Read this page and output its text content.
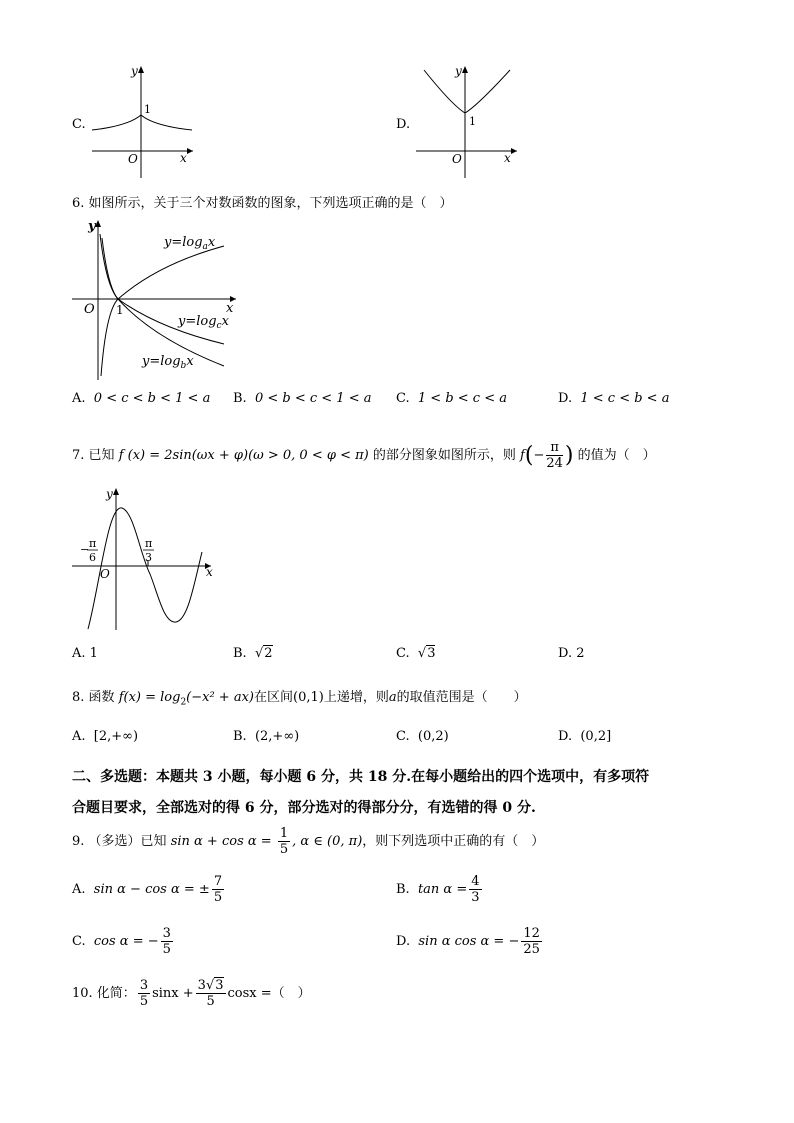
C.
y
x
O
1
D.
y
x
O
1
6. 如图所示，关于三个对数函数的图象，下列选项正确的是（　）
y
x
O 1
$y=\log_ax$
$y=\log_cx$
$y=\log_bx$
A. 0 < c < b < 1 < a B. 0 < b < c < 1 < a C. 1 < b < c < a	D. 1 < c < b < a
7. 已知 f (x) = 2sin(ωx + φ)(ω > 0, 0 < φ < π) 的部分图象如图所示，则 $f(- \frac{\pi}{24}$ ) 的值为（　）
y
x
O
− π
6
π
3
A. 1	B.  √2	C.  √3	D. 2
8. 函数 $f(x) = \log_2(-x^2 + ax)$在区间(0,1)上递增，则a的取值范围是（　　）
A. [2,+∞)	B. (2,+∞)	C. (0,2)	D. (0,2]
二、多选题：本题共 3 小题，每小题 6 分，共 18 分.在每小题给出的四个选项中，有多项符
合题目要求，全部选对的得 6 分，部分选对的得部分分，有选错的得 0 分.
9. （多选）已知 $\sin \alpha + \cos \alpha = \frac{1}{5}$ , α ∈ (0, π)，则下列选项中正确的有（　）
A. sin α − cos α = ± $\frac{7}{5}$	B. $\tan \alpha = \frac{4}{3}$
C. cos α = − $\frac{3}{5}$	D. sin α cos α = − $\frac{12}{25}$
10. 化简： $\frac{3}{5}$ $\sin x + \frac{3√3}{5}$ cosx =（　）
